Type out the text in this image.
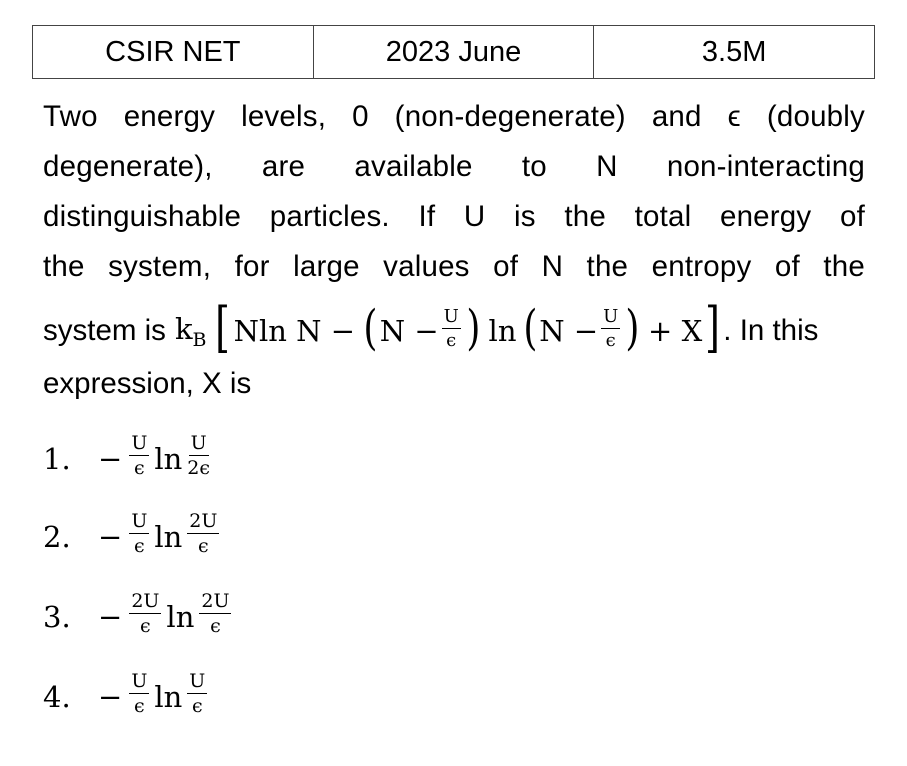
CSIR NET	2023 June	3.5M
Two energy levels, 0 (non-degenerate) and ϵ (doubly
degenerate), are available to N non-interacting
distinguishable particles. If U is the total energy of
the system, for large values of N the entropy of the
system is $k_B$ [ Nln N − ( $N - \frac{U}{\epsilon}$ ) ln ( $N - \frac{U}{\epsilon}$ ) + X ] . In this
expression, X is
1. − $\frac{U}{\epsilon}$ $\ln \frac{U}{2\epsilon}$
2. − $\frac{U}{\epsilon}$ $\ln \frac{2U}{\epsilon}$
3. − $\frac{2U}{\epsilon}$ $\ln \frac{2U}{\epsilon}$
4. − $\frac{U}{\epsilon}$ $\ln \frac{U}{\epsilon}$
